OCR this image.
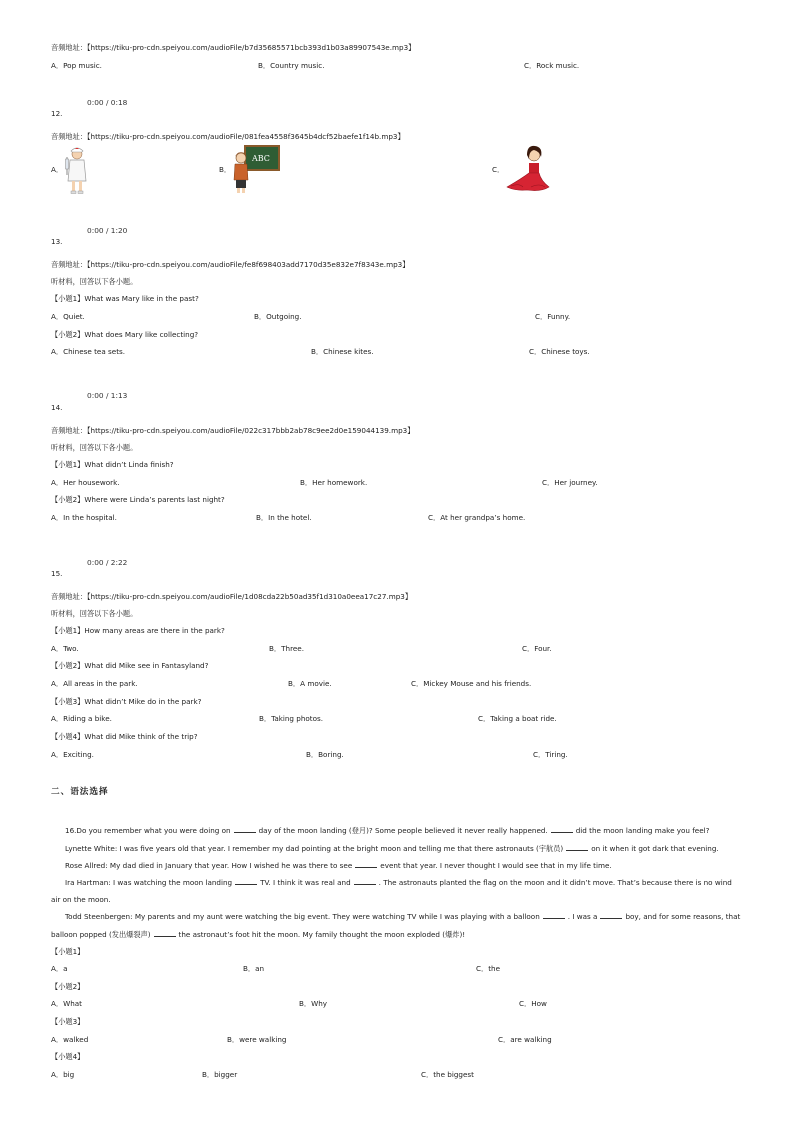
音频地址：【https://tiku-pro-cdn.speiyou.com/audioFile/b7d35685571bcb393d1b03a89907543e.mp3】
A．Pop music.	B．Country music.	C．Rock music.
0:00 / 0:18
12.
音频地址：【https://tiku-pro-cdn.speiyou.com/audioFile/081fea4558f3645b4dcf52baefe1f14b.mp3】
A．	B．	C．
ABC
0:00 / 1:20
13.
音频地址：【https://tiku-pro-cdn.speiyou.com/audioFile/fe8f698403add7170d35e832e7f8343e.mp3】
听材料，回答以下各小题。
【小题1】What was Mary like in the past?
A．Quiet.	B．Outgoing.	C．Funny.
【小题2】What does Mary like collecting?
A．Chinese tea sets.	B．Chinese kites.	C．Chinese toys.
0:00 / 1:13
14.
音频地址：【https://tiku-pro-cdn.speiyou.com/audioFile/022c317bbb2ab78c9ee2d0e159044139.mp3】
听材料，回答以下各小题。
【小题1】What didn’t Linda finish?
A．Her housework.	B．Her homework.	C．Her journey.
【小题2】Where were Linda’s parents last night?
A．In the hospital.	B．In the hotel.	C．At her grandpa’s home.
0:00 / 2:22
15.
音频地址：【https://tiku-pro-cdn.speiyou.com/audioFile/1d08cda22b50ad35f1d310a0eea17c27.mp3】
听材料，回答以下各小题。
【小题1】How many areas are there in the park?
A．Two.	B．Three.	C．Four.
【小题2】What did Mike see in Fantasyland?
A．All areas in the park.	B．A movie.	C．Mickey Mouse and his friends.
【小题3】What didn’t Mike do in the park?
A．Riding a bike.	B．Taking photos.	C．Taking a boat ride.
【小题4】What did Mike think of the trip?
A．Exciting.	B．Boring.	C．Tiring.
二、语法选择
16.Do you remember what you were doing on	day of the moon landing (登月)? Some people believed it never really happened.	did the moon landing make you feel?
Lynette White: I was five years old that year. I remember my dad pointing at the bright moon and telling me that there astronauts (宇航员)	on it when it got dark that evening.
Rose Allred: My dad died in January that year. How I wished he was there to see	event that year. I never thought I would see that in my life time.
Ira Hartman: I was watching the moon landing	TV. I think it was real and	. The astronauts planted the flag on the moon and it didn’t move. That’s because there is no wind
air on the moon.
Todd Steenbergen: My parents and my aunt were watching the big event. They were watching TV while I was playing with a balloon	. I was a	boy, and for some reasons, that
balloon popped (发出爆裂声)	the astronaut’s foot hit the moon. My family thought the moon exploded (爆炸)!
【小题1】
A．a	B．an	C．the
【小题2】
A．What	B．Why	C．How
【小题3】
A．walked	B．were walking	C．are walking
【小题4】
A．big	B．bigger	C．the biggest
